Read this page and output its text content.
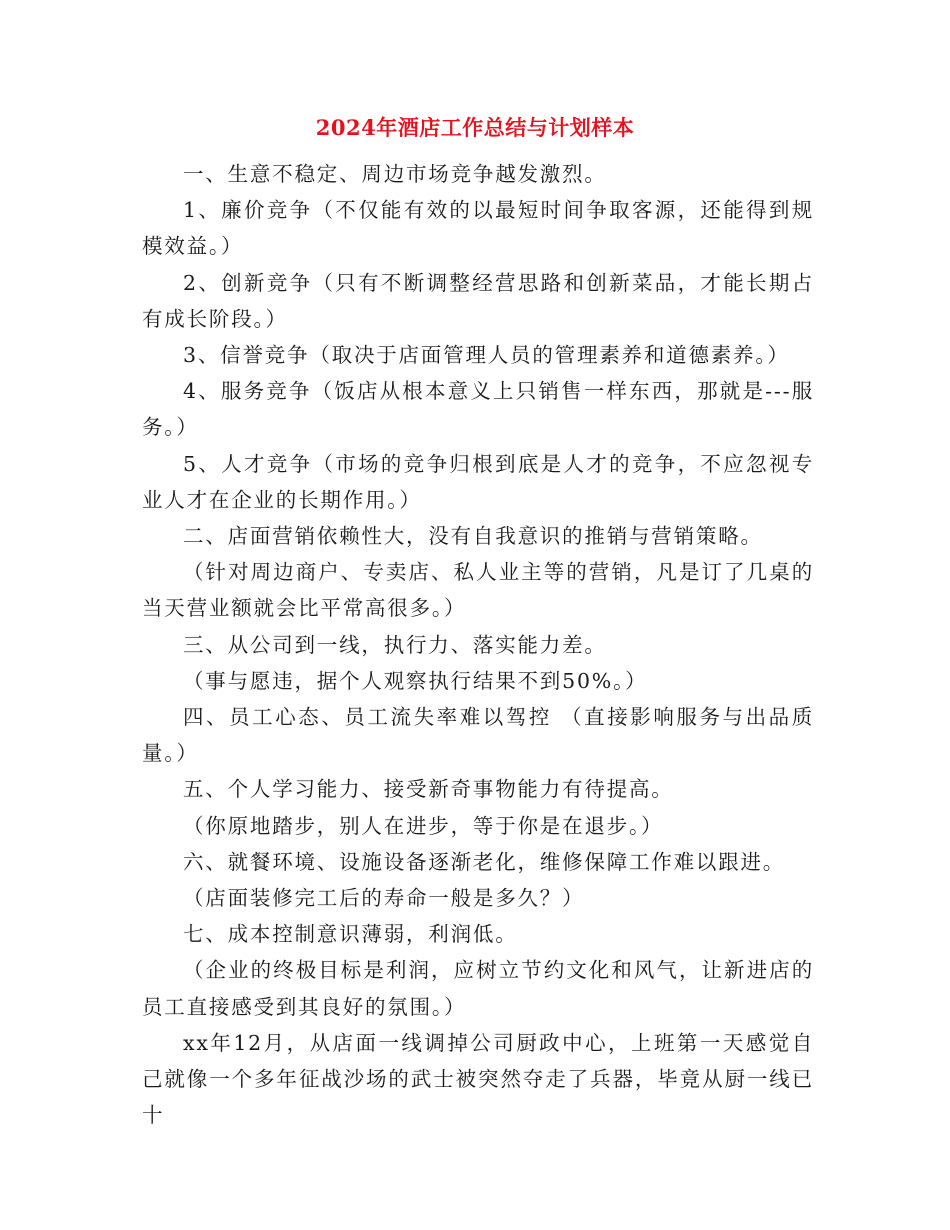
2024年酒店工作总结与计划样本

一、生意不稳定、周边市场竞争越发激烈。

1、廉价竞争（不仅能有效的以最短时间争取客源，还能得到规模效益。）

2、创新竞争（只有不断调整经营思路和创新菜品，才能长期占有成长阶段。）

3、信誉竞争（取决于店面管理人员的管理素养和道德素养。）

4、服务竞争（饭店从根本意义上只销售一样东西，那就是---服务。）

5、人才竞争（市场的竞争归根到底是人才的竞争，不应忽视专业人才在企业的长期作用。）

二、店面营销依赖性大，没有自我意识的推销与营销策略。

（针对周边商户、专卖店、私人业主等的营销，凡是订了几桌的当天营业额就会比平常高很多。）

三、从公司到一线，执行力、落实能力差。

（事与愿违，据个人观察执行结果不到50%。）

四、员工心态、员工流失率难以驾控 （直接影响服务与出品质量。）

五、个人学习能力、接受新奇事物能力有待提高。

（你原地踏步，别人在进步，等于你是在退步。）

六、就餐环境、设施设备逐渐老化，维修保障工作难以跟进。

（店面装修完工后的寿命一般是多久？）

七、成本控制意识薄弱，利润低。

（企业的终极目标是利润，应树立节约文化和风气，让新进店的员工直接感受到其良好的氛围。）

xx年12月，从店面一线调掉公司厨政中心，上班第一天感觉自己就像一个多年征战沙场的武士被突然夺走了兵器，毕竟从厨一线已十
